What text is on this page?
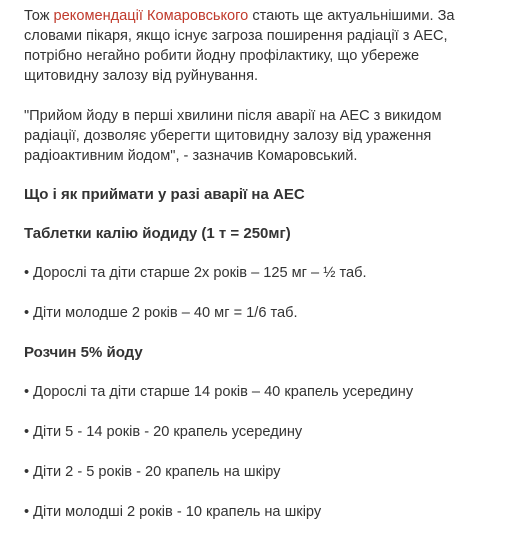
Тож рекомендації Комаровського стають ще актуальнішими. За словами пікаря, якщо існує загроза поширення радіації з АЕС, потрібно негайно робити йодну профілактику, що убереже щитовидну залозу від руйнування.

"Прийом йоду в перші хвилини після аварії на АЕС з викидом радіації, дозволяє уберегти щитовидну залозу від ураження радіоактивним йодом", - зазначив Комаровський.

Що і як приймати у разі аварії на АЕС

Таблетки калію йодиду (1 т = 250мг)

• Дорослі та діти старше 2х років – 125 мг – ½ таб.

• Діти молодше 2 років – 40 мг = 1/6 таб.

Розчин 5% йоду

• Дорослі та діти старше 14 років – 40 крапель усередину

• Діти 5 - 14 років - 20 крапель усередину

• Діти 2 - 5 років - 20 крапель на шкіру

• Діти молодші 2 років - 10 крапель на шкіру
